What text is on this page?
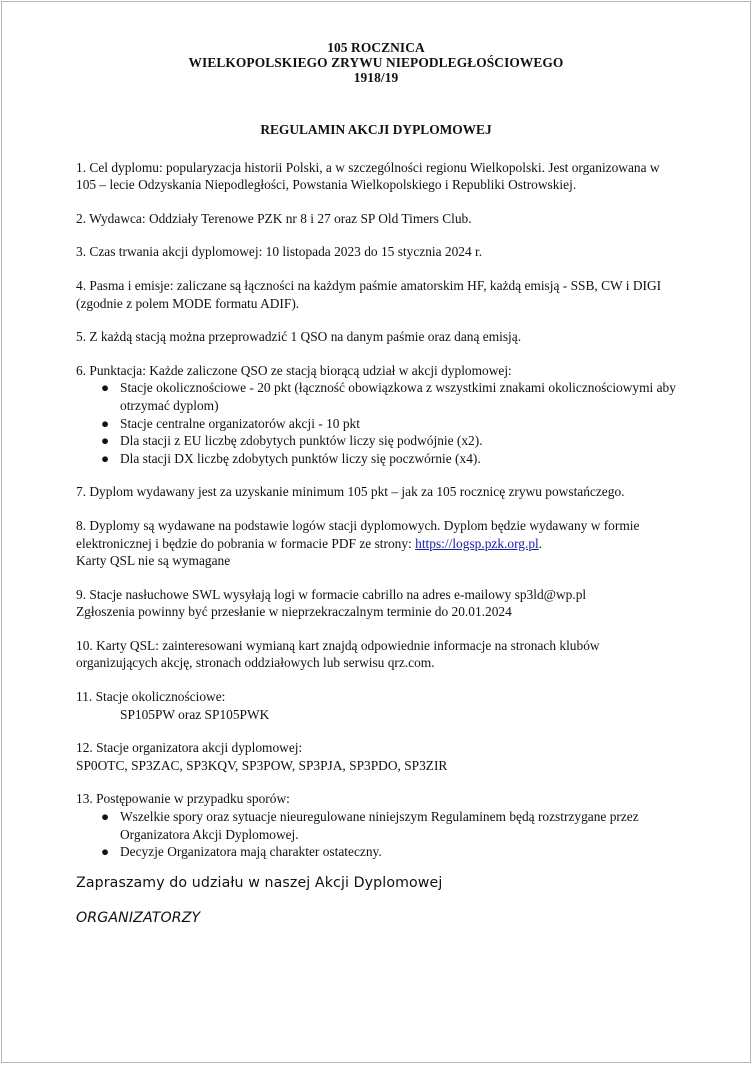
105 ROCZNICA
WIELKOPOLSKIEGO ZRYWU NIEPODLEGŁOŚCIOWEGO
1918/19
REGULAMIN AKCJI DYPLOMOWEJ

1. Cel dyplomu: popularyzacja historii Polski, a w szczególności regionu Wielkopolski. Jest organizowana w 105 – lecie Odzyskania Niepodległości, Powstania Wielkopolskiego i Republiki Ostrowskiej.

2. Wydawca: Oddziały Terenowe PZK nr 8 i 27 oraz SP Old Timers Club.

3. Czas trwania akcji dyplomowej: 10 listopada 2023 do 15 stycznia 2024 r.

4. Pasma i emisje: zaliczane są łączności na każdym paśmie amatorskim HF, każdą emisją - SSB, CW i DIGI (zgodnie z polem MODE formatu ADIF).

5. Z każdą stacją można przeprowadzić 1 QSO na danym paśmie oraz daną emisją.

6. Punktacja: Każde zaliczone QSO ze stacją biorącą udział w akcji dyplomowej:
● Stacje okolicznościowe - 20 pkt (łączność obowiązkowa z wszystkimi znakami okolicznościowymi aby otrzymać dyplom)
● Stacje centralne organizatorów akcji - 10 pkt
● Dla stacji z EU liczbę zdobytych punktów liczy się podwójnie (x2).
● Dla stacji DX liczbę zdobytych punktów liczy się poczwórnie (x4).

7. Dyplom wydawany jest za uzyskanie minimum 105 pkt – jak za 105 rocznicę zrywu powstańczego.

8. Dyplomy są wydawane na podstawie logów stacji dyplomowych. Dyplom będzie wydawany w formie elektronicznej i będzie do pobrania w formacie PDF ze strony: https://logsp.pzk.org.pl.
Karty QSL nie są wymagane

9. Stacje nasłuchowe SWL wysyłają logi w formacie cabrillo na adres e-mailowy sp3ld@wp.pl
Zgłoszenia powinny być przesłanie w nieprzekraczalnym terminie do 20.01.2024

10. Karty QSL: zainteresowani wymianą kart znajdą odpowiednie informacje na stronach klubów organizujących akcję, stronach oddziałowych lub serwisu qrz.com.

11. Stacje okolicznościowe:
SP105PW oraz SP105PWK

12. Stacje organizatora akcji dyplomowej:
SP0OTC, SP3ZAC, SP3KQV, SP3POW, SP3PJA, SP3PDO, SP3ZIR

13. Postępowanie w przypadku sporów:
● Wszelkie spory oraz sytuacje nieuregulowane niniejszym Regulaminem będą rozstrzygane przez Organizatora Akcji Dyplomowej.
● Decyzje Organizatora mają charakter ostateczny.
Zapraszamy do udziału w naszej Akcji Dyplomowej
ORGANIZATORZY
